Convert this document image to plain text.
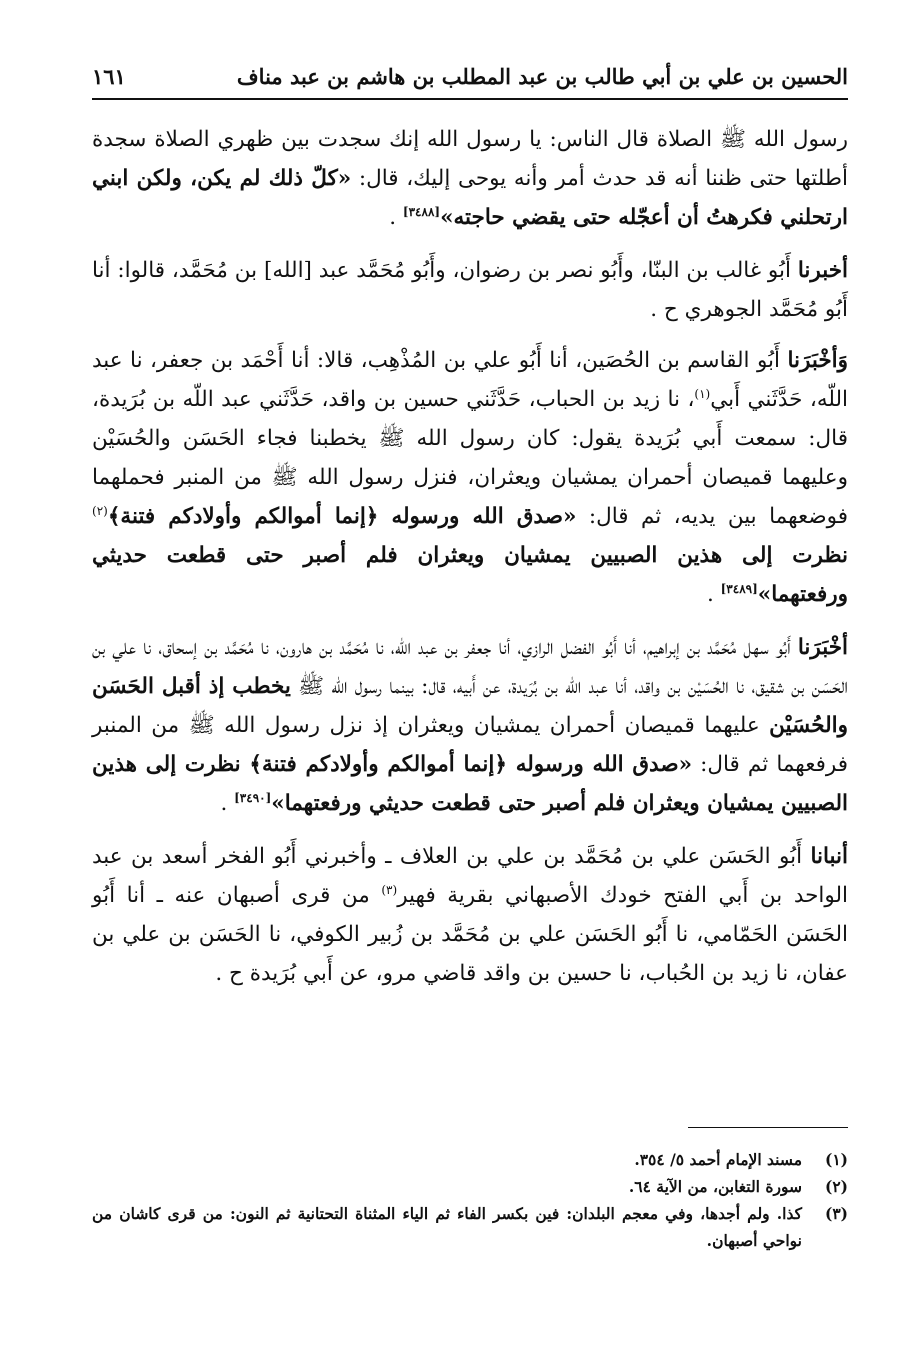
الحسين بن علي بن أبي طالب بن عبد المطلب بن هاشم بن عبد مناف
١٦١

رسول الله ﷺ الصلاة قال الناس: يا رسول الله إنك سجدت بين ظهري الصلاة سجدة أطلتها حتى ظننا أنه قد حدث أمر وأنه يوحى إليك، قال: «كلّ ذلك لم يكن، ولكن ابني ارتحلني فكرهتُ أن أعجّله حتى يقضي حاجته»[٣٤٨٨] .

أخبرنا أَبُو غالب بن البنّا، وأَبُو نصر بن رضوان، وأَبُو مُحَمَّد عبد [الله] بن مُحَمَّد، قالوا: أنا أَبُو مُحَمَّد الجوهري ح .

وَأخْبَرَنا أَبُو القاسم بن الحُصَين، أنا أَبُو علي بن المُذْهِب، قالا: أنا أَحْمَد بن جعفر، نا عبد اللّه، حَدَّثَني أَبي$^{(١)}$، نا زيد بن الحباب، حَدَّثَني حسين بن واقد، حَدَّثَني عبد اللّه بن بُرَيدة، قال: سمعت أَبي بُرَيدة يقول: كان رسول الله ﷺ يخطبنا فجاء الحَسَن والحُسَيْن وعليهما قميصان أحمران يمشيان ويعثران، فنزل رسول الله ﷺ من المنبر فحملهما فوضعهما بين يديه، ثم قال: «صدق الله ورسوله ﴿إنما أموالكم وأولادكم فتنة﴾$^{(٢)}$ نظرت إلى هذين الصبيين يمشيان ويعثران فلم أصبر حتى قطعت حديثي ورفعتهما»[٣٤٨٩] .

أخْبَرَنا أَبُو سهل مُحَمَّد بن إبراهيم، أنا أَبُو الفضل الرازي، أنا جعفر بن عبد اللّه، نا مُحَمَّد بن هارون، نا مُحَمَّد بن إسحاق، نا علي بن الحَسَن بن شقيق، نا الحُسَيْن بن واقد، أنا عبد اللّه بن بُرَيدة، عن أَبيه، قال: بينما رسول الله ﷺ يخطب إذ أقبل الحَسَن والحُسَيْن عليهما قميصان أحمران يمشيان ويعثران إذ نزل رسول الله ﷺ من المنبر فرفعهما ثم قال: «صدق الله ورسوله ﴿إنما أموالكم وأولادكم فتنة﴾ نظرت إلى هذين الصبيين يمشيان ويعثران فلم أصبر حتى قطعت حديثي ورفعتهما»[٣٤٩٠] .

أنبانا أَبُو الحَسَن علي بن مُحَمَّد بن علي بن العلاف ـ وأخبرني أَبُو الفخر أسعد بن عبد الواحد بن أَبي الفتح خودك الأصبهاني بقرية فهير$^{(٣)}$ من قرى أصبهان عنه ـ أنا أَبُو الحَسَن الحَمّامي، نا أَبُو الحَسَن علي بن مُحَمَّد بن زُبير الكوفي، نا الحَسَن بن علي بن عفان، نا زيد بن الحُباب، نا حسين بن واقد قاضي مرو، عن أَبي بُرَيدة ح .

(١)
مسند الإمام أحمد ٥/ ٣٥٤.
(٢)
سورة التغابن، من الآية ٦٤.
(٣)
كذا. ولم أجدها، وفي معجم البلدان: فين بكسر الفاء ثم الياء المثناة التحتانية ثم النون: من قرى كاشان من نواحي أصبهان.
